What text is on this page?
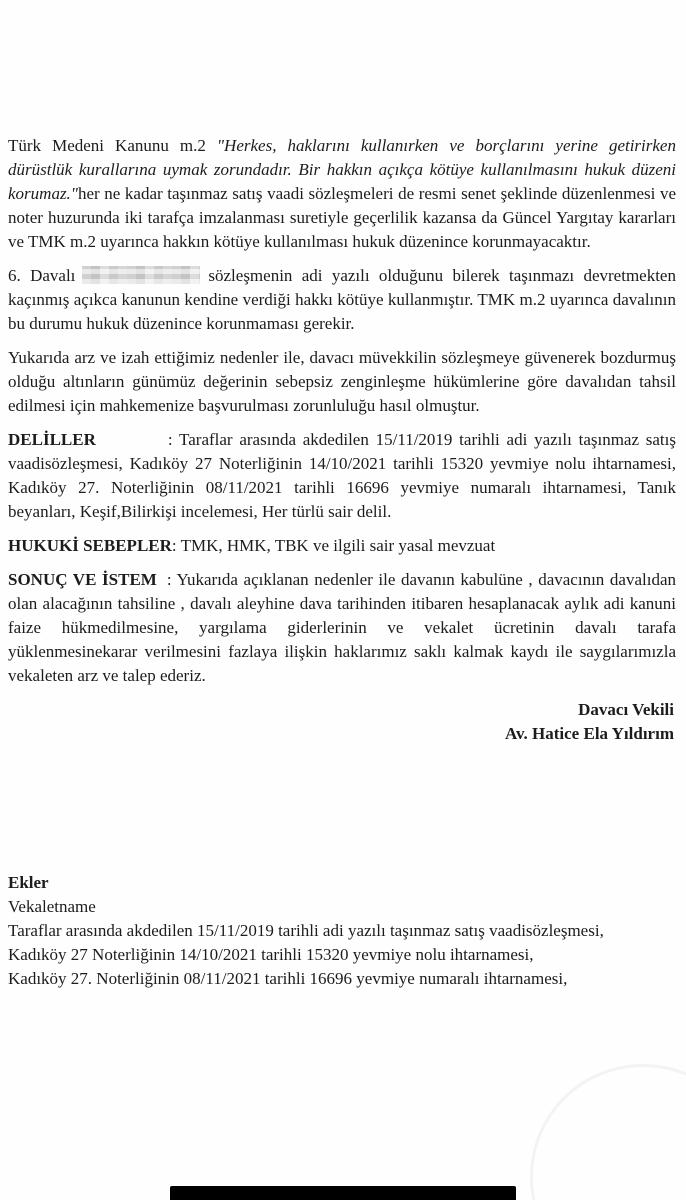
Türk Medeni Kanunu m.2 "Herkes, haklarını kullanırken ve borçlarını yerine getirirken dürüstlük kurallarına uymak zorundadır. Bir hakkın açıkça kötüye kullanılmasını hukuk düzeni korumaz."her ne kadar taşınmaz satış vaadi sözleşmeleri de resmi senet şeklinde düzenlenmesi ve noter huzurunda iki tarafça imzalanması suretiyle geçerlilik kazansa da Güncel Yargıtay kararları ve TMK m.2 uyarınca hakkın kötüye kullanılması hukuk düzenince korunmayacaktır.

6. Davalı	sözleşmenin adi yazılı olduğunu bilerek taşınmazı devretmekten kaçınmış açıkca kanunun kendine verdiği hakkı kötüye kullanmıştır. TMK m.2 uyarınca davalının bu durumu hukuk düzenince korunmaması gerekir.

Yukarıda arz ve izah ettiğimiz nedenler ile, davacı müvekkilin sözleşmeye güvenerek bozdurmuş olduğu altınların günümüz değerinin sebepsiz zenginleşme hükümlerine göre davalıdan tahsil edilmesi için mahkemenize başvurulması zorunluluğu hasıl olmuştur.

DELİLLER	: Taraflar arasında akdedilen 15/11/2019 tarihli adi yazılı taşınmaz satış vaadisözleşmesi, Kadıköy 27 Noterliğinin 14/10/2021 tarihli 15320 yevmiye nolu ihtarnamesi, Kadıköy 27. Noterliğinin 08/11/2021 tarihli 16696 yevmiye numaralı ihtarnamesi, Tanık beyanları, Keşif,Bilirkişi incelemesi, Her türlü sair delil.

HUKUKİ SEBEPLER: TMK, HMK, TBK ve ilgili sair yasal mevzuat

SONUÇ VE İSTEM : Yukarıda açıklanan nedenler ile davanın kabulüne , davacının davalıdan olan alacağının tahsiline , davalı aleyhine dava tarihinden itibaren hesaplanacak aylık adi kanuni faize hükmedilmesine, yargılama giderlerinin ve vekalet ücretinin davalı tarafa yüklenmesinekarar verilmesini fazlaya ilişkin haklarımız saklı kalmak kaydı ile saygılarımızla vekaleten arz ve talep ederiz.

Davacı Vekili
Av. Hatice Ela Yıldırım
Ekler
Vekaletname
Taraflar arasında akdedilen 15/11/2019 tarihli adi yazılı taşınmaz satış vaadisözleşmesi,
Kadıköy 27 Noterliğinin 14/10/2021 tarihli 15320 yevmiye nolu ihtarnamesi,
Kadıköy 27. Noterliğinin 08/11/2021 tarihli 16696 yevmiye numaralı ihtarnamesi,
